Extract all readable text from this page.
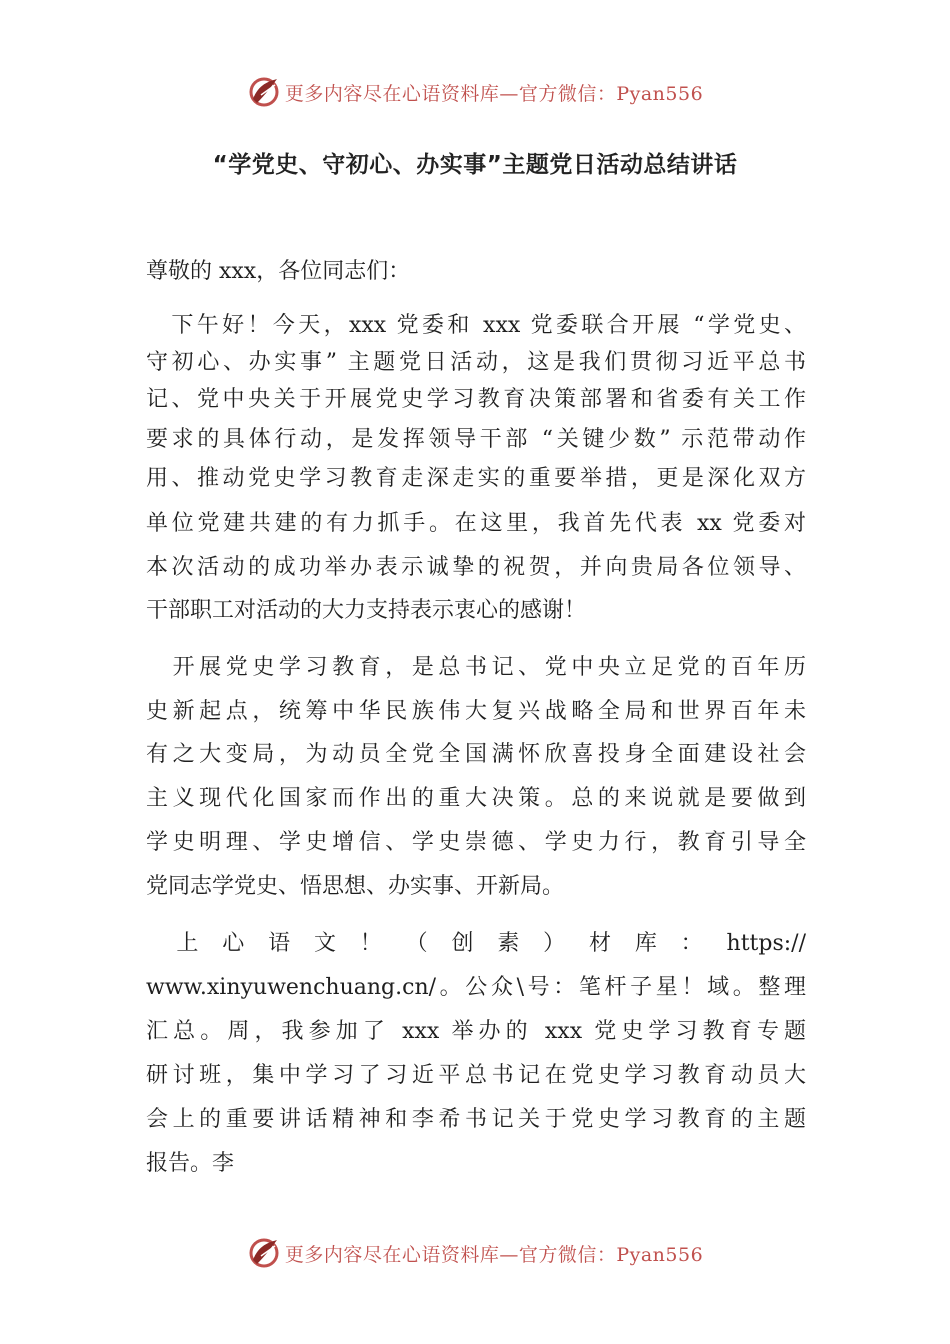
更多内容尽在心语资料库—官方微信：Pyan556
“学党史、守初心、办实事”主题党日活动总结讲话
尊敬的 xxx，各位同志们：
　下午好！今天，xxx 党委和 xxx 党委联合开展 “学党史、
守初心、办实事” 主题党日活动，这是我们贯彻习近平总书
记、党中央关于开展党史学习教育决策部署和省委有关工作
要求的具体行动，是发挥领导干部 “关键少数” 示范带动作
用、推动党史学习教育走深走实的重要举措，更是深化双方
单位党建共建的有力抓手。在这里，我首先代表 xx 党委对
本次活动的成功举办表示诚挚的祝贺，并向贵局各位领导、
干部职工对活动的大力支持表示衷心的感谢！
　开展党史学习教育，是总书记、党中央立足党的百年历
史新起点，统筹中华民族伟大复兴战略全局和世界百年未
有之大变局，为动员全党全国满怀欣喜投身全面建设社会
主义现代化国家而作出的重大决策。总的来说就是要做到
学史明理、学史增信、学史崇德、学史力行，教育引导全
党同志学党史、悟思想、办实事、开新局。
　上 心 语 文 ！ （ 创 素 ） 材 库 ： https://
www.xinyuwenchuang.cn/。公众\号：笔杆子星！域。整理
汇总。周，我参加了 xxx 举办的 xxx 党史学习教育专题
研讨班，集中学习了习近平总书记在党史学习教育动员大
会上的重要讲话精神和李希书记关于党史学习教育的主题
报告。李
更多内容尽在心语资料库—官方微信：Pyan556
